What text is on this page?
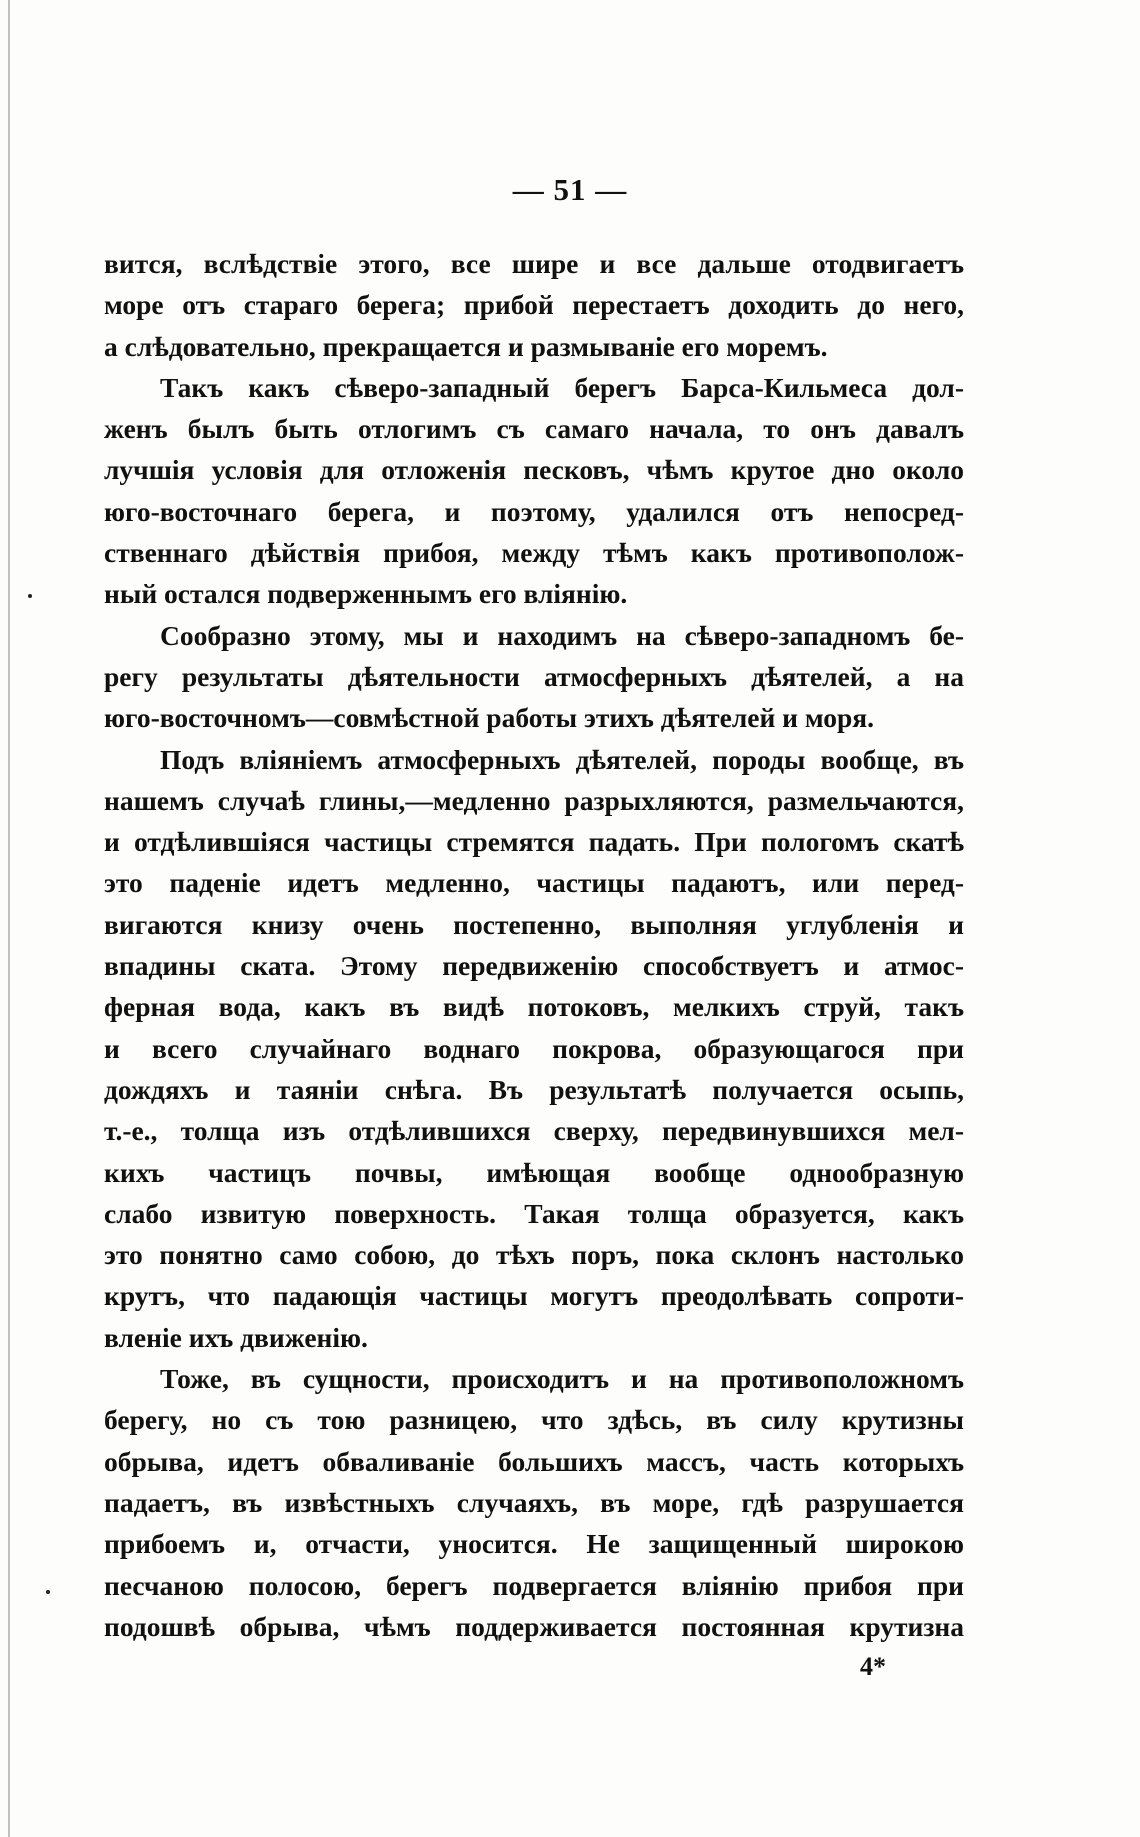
— 51 —
вится, вслѣдствіе этого, все шире и все дальше отодвигаетъ
море отъ стараго берега; прибой перестаетъ доходить до него,
а слѣдовательно, прекращается и размываніе его моремъ.
Такъ какъ сѣверо-западный берегъ Барса-Кильмеса дол-
женъ былъ быть отлогимъ съ самаго начала, то онъ давалъ
лучшія условія для отложенія песковъ, чѣмъ крутое дно около
юго-восточнаго берега, и поэтому, удалился отъ непосред-
ственнаго дѣйствія прибоя, между тѣмъ какъ противополож-
ный остался подверженнымъ его вліянію.
Сообразно этому, мы и находимъ на сѣверо-западномъ бе-
регу результаты дѣятельности атмосферныхъ дѣятелей, а на
юго-восточномъ—совмѣстной работы этихъ дѣятелей и моря.
Подъ вліяніемъ атмосферныхъ дѣятелей, породы вообще, въ
нашемъ случаѣ глины,—медленно разрыхляются, размельчаются,
и отдѣлившіяся частицы стремятся падать. При пологомъ скатѣ
это паденіе идетъ медленно, частицы падаютъ, или перед-
вигаются книзу очень постепенно, выполняя углубленія и
впадины ската. Этому передвиженію способствуетъ и атмос-
ферная вода, какъ въ видѣ потоковъ, мелкихъ струй, такъ
и всего случайнаго воднаго покрова, образующагося при
дождяхъ и таяніи снѣга. Въ результатѣ получается осыпь,
т.-е., толща изъ отдѣлившихся сверху, передвинувшихся мел-
кихъ частицъ почвы, имѣющая вообще однообразную
слабо извитую поверхность. Такая толща образуется, какъ
это понятно само собою, до тѣхъ поръ, пока склонъ настолько
крутъ, что падающія частицы могутъ преодолѣвать сопроти-
вленіе ихъ движенію.
Тоже, въ сущности, происходитъ и на противоположномъ
берегу, но съ тою разницею, что здѣсь, въ силу крутизны
обрыва, идетъ обваливаніе большихъ массъ, часть которыхъ
падаетъ, въ извѣстныхъ случаяхъ, въ море, гдѣ разрушается
прибоемъ и, отчасти, уносится. Не защищенный широкою
песчаною полосою, берегъ подвергается вліянію прибоя при
подошвѣ обрыва, чѣмъ поддерживается постоянная крутизна
4*
